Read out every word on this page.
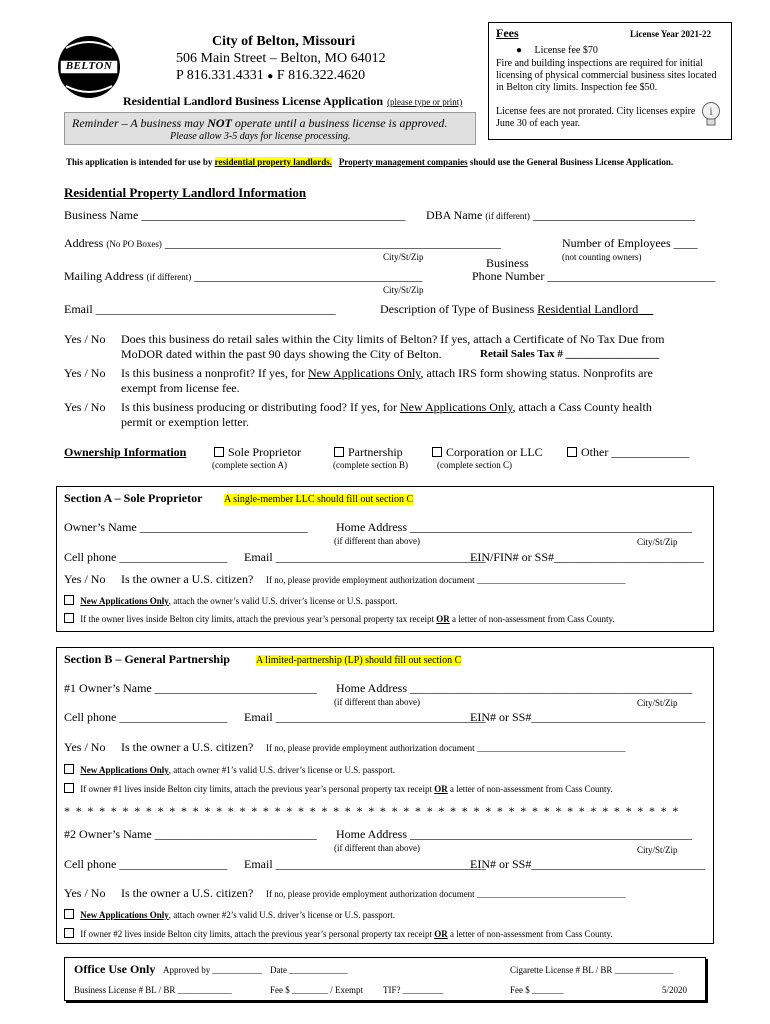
BELTON
City of Belton, Missouri
506 Main Street – Belton, MO 64012
P 816.331.4331 ● F 816.322.4620
Residential Landlord Business License Application (please type or print)
Reminder – A business may NOT operate until a business license is approved.
Please allow 3-5 days for license processing.
Fees	License Year 2021-22
● License fee $70
Fire and building inspections are required for initial licensing of physical commercial business sites located in Belton city limits. Inspection fee $50.
License fees are not prorated. City licenses expire June 30 of each year.
i
This application is intended for use by residential property landlords. Property management companies should use the General Business License Application.
Residential Property Landlord Information
Business Name ____________________________________________ DBA Name (if different) ___________________________
Address (No PO Boxes) ________________________________________________________	Number of Employees ____
(not counting owners)
City/St/Zip	Business
Mailing Address (if different) ______________________________________	Phone Number ____________________________
City/St/Zip
Email ________________________________________	Description of Type of Business Residential Landlord
Yes / No Does this business do retail sales within the City limits of Belton? If yes, attach a Certificate of No Tax Due from
MoDOR dated within the past 90 days showing the City of Belton.	Retail Sales Tax # _________________
Yes / No Is this business a nonprofit? If yes, for New Applications Only, attach IRS form showing status. Nonprofits are
exempt from license fee.
Yes / No Is this business producing or distributing food? If yes, for New Applications Only, attach a Cass County health
permit or exemption letter.
Ownership Information	Sole Proprietor
(complete section A)
Partnership
(complete section B)
Corporation or LLC
(complete section C)
Other _____________
Section A – Sole Proprietor A single-member LLC should fill out section C
Owner’s Name ____________________________ Home Address _______________________________________________
(if different than above)	City/St/Zip
Cell phone __________________ Email ___________________________________
EIN/FIN# or SS#_________________________
Yes / No Is the owner a U.S. citizen? If no, please provide employment authorization document _________________________________
New Applications Only, attach the owner’s valid U.S. driver’s license or U.S. passport.
If the owner lives inside Belton city limits, attach the previous year’s personal property tax receipt OR a letter of non-assessment from Cass County.
Section B – General Partnership	A limited-partnership (LP) should fill out section C
#1 Owner’s Name ___________________________ Home Address _______________________________________________
(if different than above)	City/St/Zip
Cell phone __________________ Email ___________________________________
EIN# or SS#_____________________________
Yes / No Is the owner a U.S. citizen? If no, please provide employment authorization document _________________________________
New Applications Only, attach owner #1’s valid U.S. driver’s license or U.S. passport.
If owner #1 lives inside Belton city limits, attach the previous year’s personal property tax receipt OR a letter of non-assessment from Cass County.
* * * * * * * * * * * * * * * * * * * * * * * * * * * * * * * * * * * * * * * * * * * * * * * * * * * * *
#2 Owner’s Name ___________________________ Home Address _______________________________________________
(if different than above)	City/St/Zip
Cell phone __________________ Email ___________________________________
EIN# or SS#_____________________________
Yes / No Is the owner a U.S. citizen? If no, please provide employment authorization document _________________________________
New Applications Only, attach owner #2’s valid U.S. driver’s license or U.S. passport.
If owner #2 lives inside Belton city limits, attach the previous year’s personal property tax receipt OR a letter of non-assessment from Cass County.
Office Use Only Approved by ___________ Date _____________	Cigarette License # BL / BR _____________
Business License # BL / BR ____________	Fee $ ________ / Exempt TIF? _________	Fee $ _______	5/2020
